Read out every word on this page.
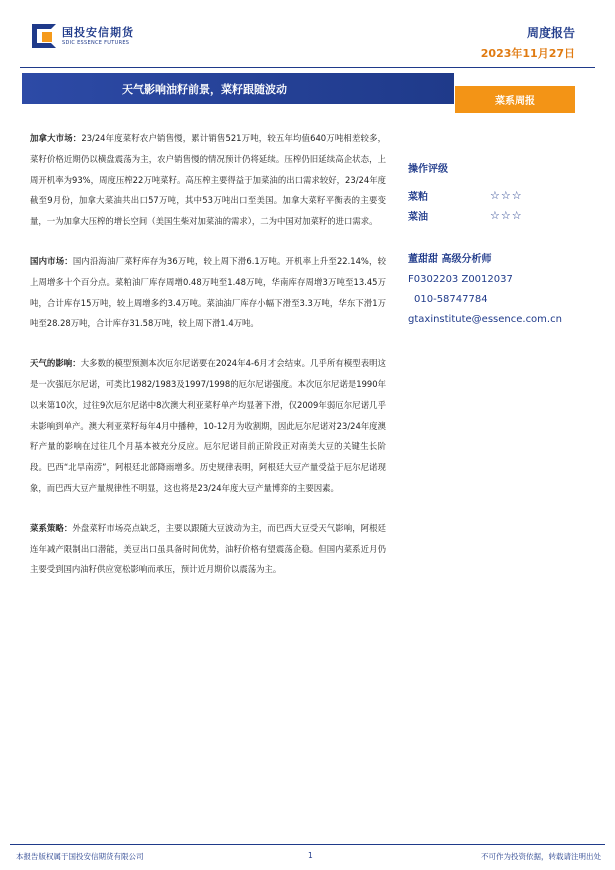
国投安信期货
SDIC ESSENCE FUTURES
周度报告
2023年11月27日
天气影响油籽前景，菜籽跟随波动
菜系周报

加拿大市场：23/24年度菜籽农户销售慢，累计销售521万吨，较五年均值640万吨相差较多，菜籽价格近期仍以横盘震荡为主，农户销售慢的情况预计仍将延续。压榨仍旧延续高企状态，上周开机率为93%，周度压榨22万吨菜籽。高压榨主要得益于加菜油的出口需求较好，23/24年度截至9月份，加拿大菜油共出口57万吨，其中53万吨出口至美国。加拿大菜籽平衡表的主要变量，一为加拿大压榨的增长空间（美国生柴对加菜油的需求），二为中国对加菜籽的进口需求。

国内市场：国内沿海油厂菜籽库存为36万吨，较上周下滑6.1万吨。开机率上升至22.14%，较上周增多十个百分点。菜粕油厂库存周增0.48万吨至1.48万吨，华南库存周增3万吨至13.45万吨，合计库存15万吨，较上周增多约3.4万吨。菜油油厂库存小幅下滑至3.3万吨，华东下滑1万吨至28.28万吨，合计库存31.58万吨，较上周下滑1.4万吨。

天气的影响：大多数的模型预测本次厄尔尼诺要在2024年4-6月才会结束。几乎所有模型表明这是一次强厄尔尼诺，可类比1982/1983及1997/1998的厄尔尼诺强度。本次厄尔尼诺是1990年以来第10次，过往9次厄尔尼诺中8次澳大利亚菜籽单产均显著下滑，仅2009年弱厄尔尼诺几乎未影响到单产。澳大利亚菜籽每年4月中播种，10-12月为收割期，因此厄尔尼诺对23/24年度澳籽产量的影响在过往几个月基本被充分反应。厄尔尼诺目前正阶段正对南美大豆的关键生长阶段。巴西“北旱南涝”，阿根廷北部降雨增多。历史规律表明，阿根廷大豆产量受益于厄尔尼诺现象，而巴西大豆产量规律性不明显，这也将是23/24年度大豆产量博弈的主要因素。

菜系策略：外盘菜籽市场亮点缺乏，主要以跟随大豆波动为主，而巴西大豆受天气影响，阿根廷连年减产限制出口潜能，美豆出口虽具备时间优势，油籽价格有望震荡企稳。但国内菜系近月仍主要受到国内油籽供应宽松影响而承压，预计近月期价以震荡为主。

操作评级
菜粕	☆☆☆
菜油	☆☆☆
董甜甜 高级分析师
F0302203 Z0012037
010-58747784
gtaxinstitute@essence.com.cn
本报告版权属于国投安信期货有限公司	1	不可作为投资依据，转载请注明出处
